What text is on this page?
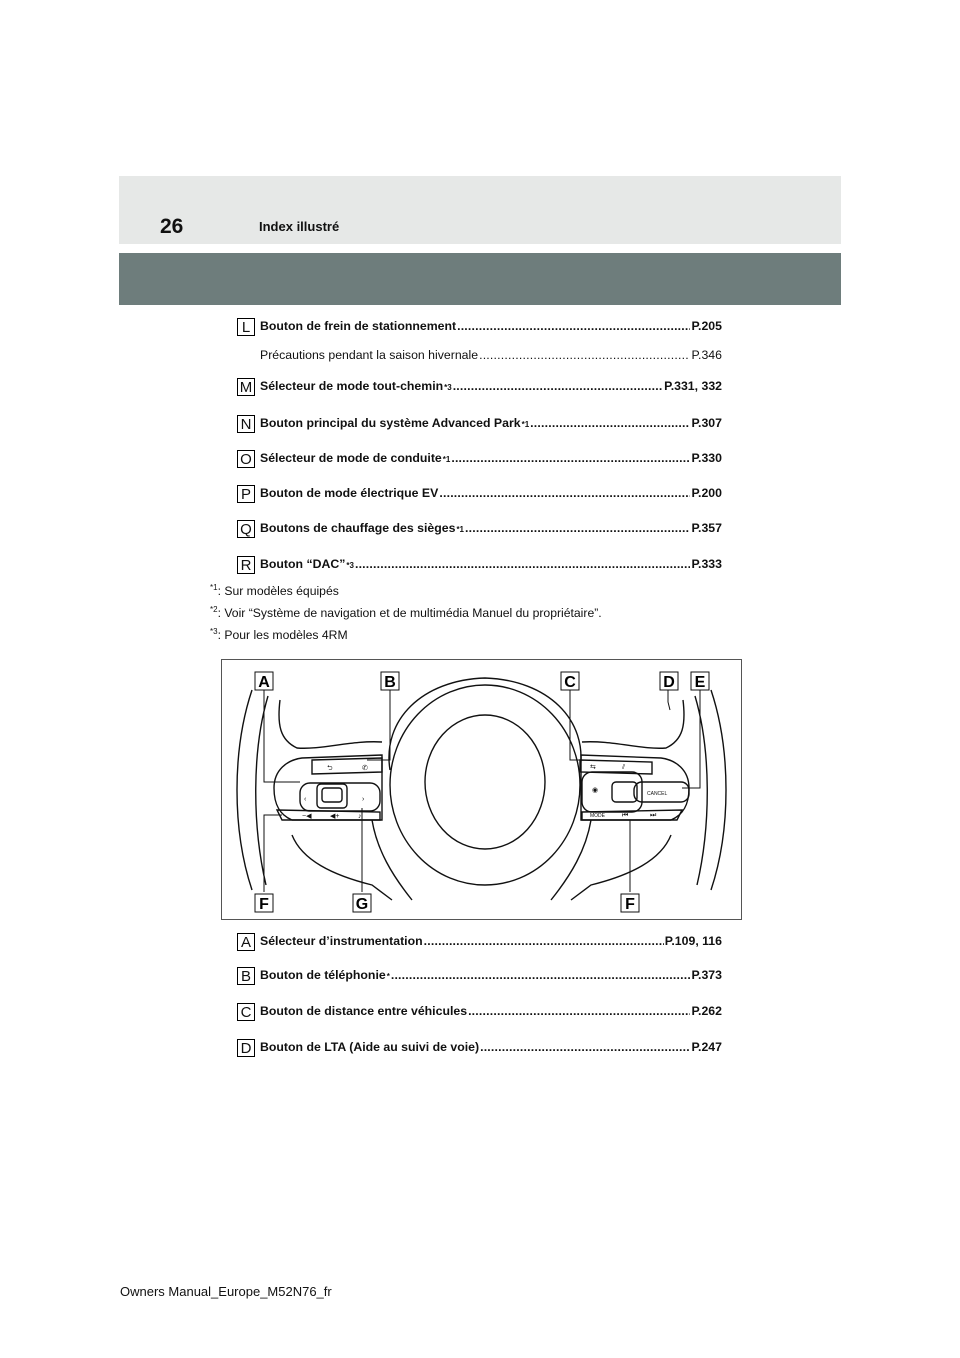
26	Index illustré
L Bouton de frein de stationnement .....	P.205
Précautions pendant la saison hivernale .....	P.346
M Sélecteur de mode tout-chemin *3 .....	P.331, 332
N Bouton principal du système Advanced Park *1 .....	P.307
O Sélecteur de mode de conduite *1 .....	P.330
P Bouton de mode électrique EV .....	P.200
Q Boutons de chauffage des sièges *1 .....	P.357
R Bouton “DAC” *3 .....	P.333
$^{*1}$: Sur modèles équipés
$^{*2}$: Voir “Système de navigation et de multimédia Manuel du propriétaire”.
$^{*3}$: Pour les modèles 4RM
⮌	✆
‹	›
−◀	◀+	♪
⇆	⫽
◉
MODE ⏮	⏭
CANCEL
A	B	C	D E
F	G	F
A Sélecteur d’instrumentation .....	P.109, 116
B Bouton de téléphonie * .....	P.373
C Bouton de distance entre véhicules .....	P.262
D Bouton de LTA (Aide au suivi de voie) .....	P.247
Owners Manual_Europe_M52N76_fr
